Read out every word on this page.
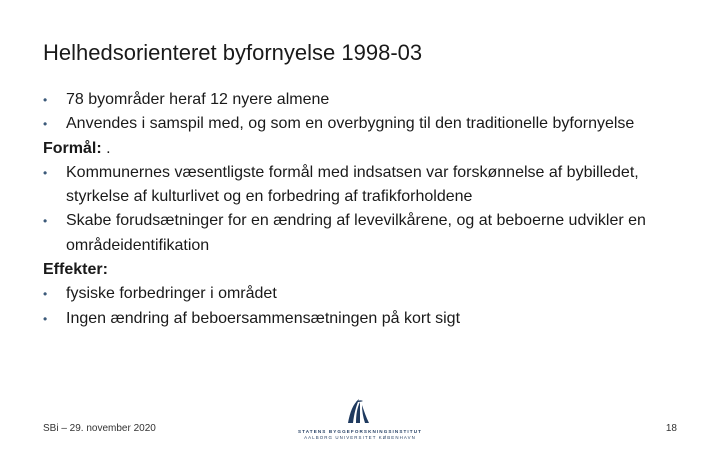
Helhedsorienteret byfornyelse 1998-03
• 78 byområder heraf 12 nyere almene
• Anvendes i samspil med, og som en overbygning til den traditionelle byfornyelse
Formål: .
• Kommunernes væsentligste formål med indsatsen var forskønnelse af bybilledet, styrkelse af kulturlivet og en forbedring af trafikforholdene
• Skabe forudsætninger for en ændring af levevilkårene, og at beboerne udvikler en områdeidentifikation
Effekter:
• fysiske forbedringer i området
• Ingen ændring af beboersammensætningen på kort sigt
SBi – 29. november 2020	STATENS BYGGEFORSKNINGSINSTITUT
AALBORG UNIVERSITET KØBENHAVN
18
